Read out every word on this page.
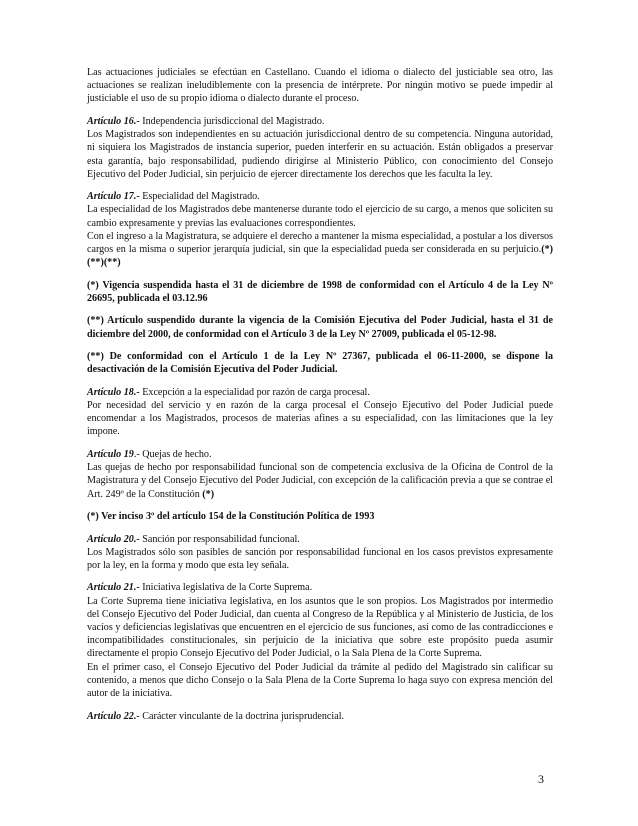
Las actuaciones judiciales se efectúan en Castellano. Cuando el idioma o dialecto del justiciable sea otro, las actuaciones se realizan ineludiblemente con la presencia de intérprete. Por ningún motivo se puede impedir al justiciable el uso de su propio idioma o dialecto durante el proceso.

Artículo 16.- Independencia jurisdiccional del Magistrado.

Los Magistrados son independientes en su actuación jurisdiccional dentro de su competencia. Ninguna autoridad, ni siquiera los Magistrados de instancia superior, pueden interferir en su actuación. Están obligados a preservar esta garantía, bajo responsabilidad, pudiendo dirigirse al Ministerio Público, con conocimiento del Consejo Ejecutivo del Poder Judicial, sin perjuicio de ejercer directamente los derechos que les faculta la ley.

Artículo 17.- Especialidad del Magistrado.

La especialidad de los Magistrados debe mantenerse durante todo el ejercicio de su cargo, a menos que soliciten su cambio expresamente y previas las evaluaciones correspondientes.

Con el ingreso a la Magistratura, se adquiere el derecho a mantener la misma especialidad, a postular a los diversos cargos en la misma o superior jerarquía judicial, sin que la especialidad pueda ser considerada en su perjuicio.(*)(**)(**)

(*) Vigencia suspendida hasta el 31 de diciembre de 1998 de conformidad con el Artículo 4 de la Ley Nº 26695, publicada el 03.12.96

(**) Artículo suspendido durante la vigencia de la Comisión Ejecutiva del Poder Judicial, hasta el 31 de diciembre del 2000, de conformidad con el Artículo 3 de la Ley Nº 27009, publicada el 05-12-98.

(**) De conformidad con el Artículo 1 de la Ley Nº 27367, publicada el 06-11-2000, se dispone la desactivación de la Comisión Ejecutiva del Poder Judicial.

Artículo 18.- Excepción a la especialidad por razón de carga procesal.

Por necesidad del servicio y en razón de la carga procesal el Consejo Ejecutivo del Poder Judicial puede encomendar a los Magistrados, procesos de materias afines a su especialidad, con las limitaciones que la ley impone.

Artículo 19.- Quejas de hecho.

Las quejas de hecho por responsabilidad funcional son de competencia exclusiva de la Oficina de Control de la Magistratura y del Consejo Ejecutivo del Poder Judicial, con excepción de la calificación previa a que se contrae el Art. 249º de la Constitución (*)

(*) Ver inciso 3º del artículo 154 de la Constitución Política de 1993

Artículo 20.- Sanción por responsabilidad funcional.

Los Magistrados sólo son pasibles de sanción por responsabilidad funcional en los casos previstos expresamente por la ley, en la forma y modo que esta ley señala.

Artículo 21.- Iniciativa legislativa de la Corte Suprema.

La Corte Suprema tiene iniciativa legislativa, en los asuntos que le son propios. Los Magistrados por intermedio del Consejo Ejecutivo del Poder Judicial, dan cuenta al Congreso de la República y al Ministerio de Justicia, de los vacíos y deficiencias legislativas que encuentren en el ejercicio de sus funciones, así como de las contradicciones e incompatibilidades constitucionales, sin perjuicio de la iniciativa que sobre este propósito pueda asumir directamente el propio Consejo Ejecutivo del Poder Judicial, o la Sala Plena de la Corte Suprema.

En el primer caso, el Consejo Ejecutivo del Poder Judicial da trámite al pedido del Magistrado sin calificar su contenido, a menos que dicho Consejo o la Sala Plena de la Corte Suprema lo haga suyo con expresa mención del autor de la iniciativa.

Artículo 22.- Carácter vinculante de la doctrina jurisprudencial.

3
